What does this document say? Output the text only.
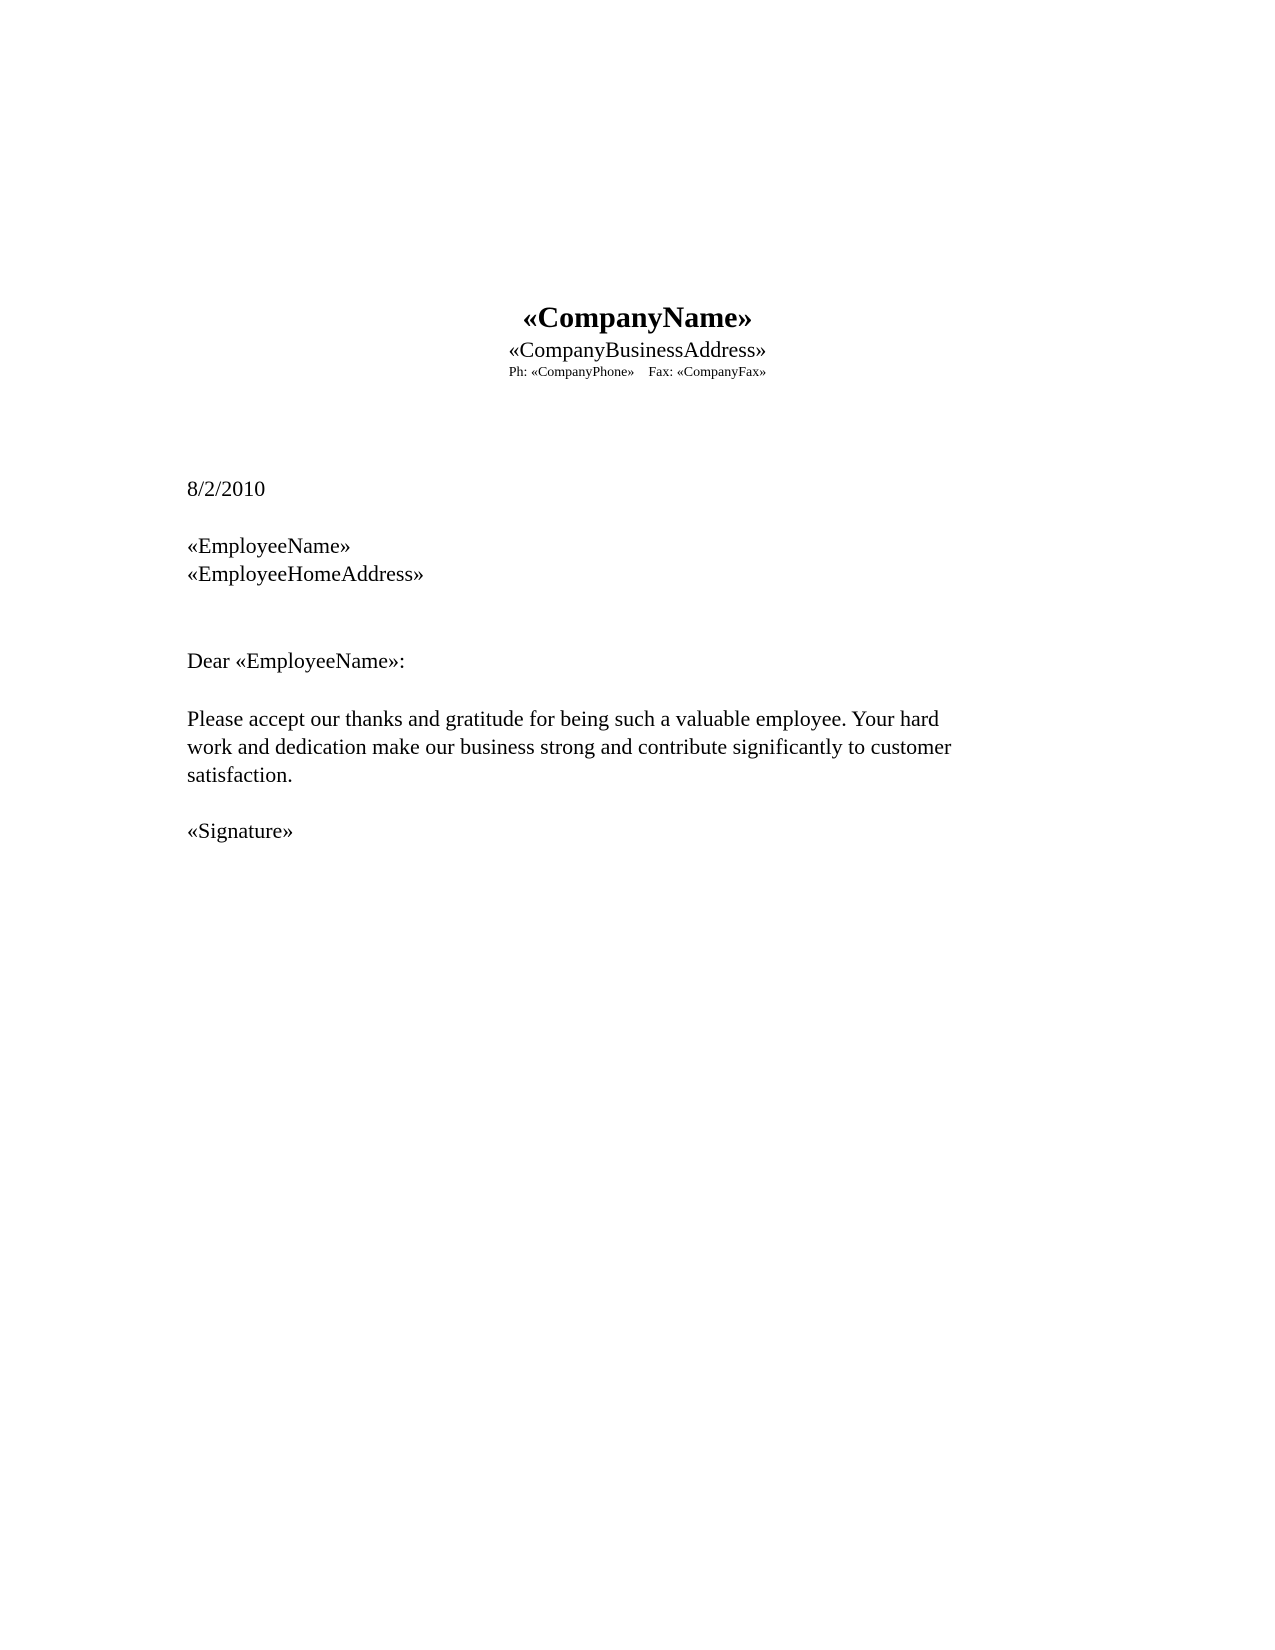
«CompanyName»

«CompanyBusinessAddress»

Ph: «CompanyPhone» Fax: «CompanyFax»

8/2/2010
«EmployeeName»
«EmployeeHomeAddress»
Dear «EmployeeName»:
Please accept our thanks and gratitude for being such a valuable employee. Your hard
work and dedication make our business strong and contribute significantly to customer
satisfaction.
«Signature»
